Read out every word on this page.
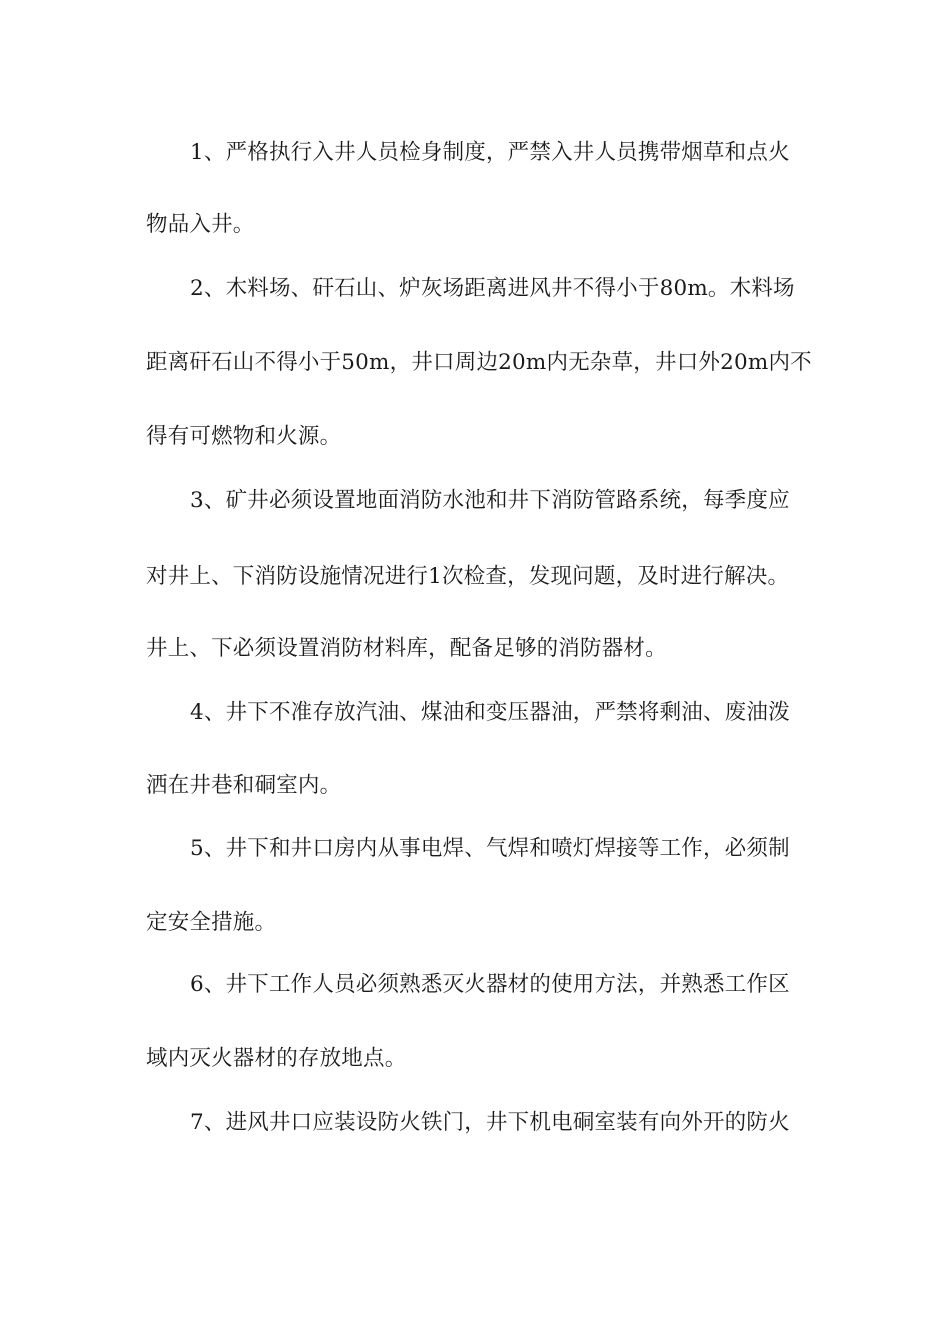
1、严格执行入井人员检身制度，严禁入井人员携带烟草和点火
物品入井。
2、木料场、矸石山、炉灰场距离进风井不得小于80m。木料场
距离矸石山不得小于50m，井口周边20m内无杂草，井口外20m内不
得有可燃物和火源。
3、矿井必须设置地面消防水池和井下消防管路系统，每季度应
对井上、下消防设施情况进行1次检查，发现问题，及时进行解决。
井上、下必须设置消防材料库，配备足够的消防器材。
4、井下不准存放汽油、煤油和变压器油，严禁将剩油、废油泼
洒在井巷和硐室内。
5、井下和井口房内从事电焊、气焊和喷灯焊接等工作，必须制
定安全措施。
6、井下工作人员必须熟悉灭火器材的使用方法，并熟悉工作区
域内灭火器材的存放地点。
7、进风井口应装设防火铁门，井下机电硐室装有向外开的防火
